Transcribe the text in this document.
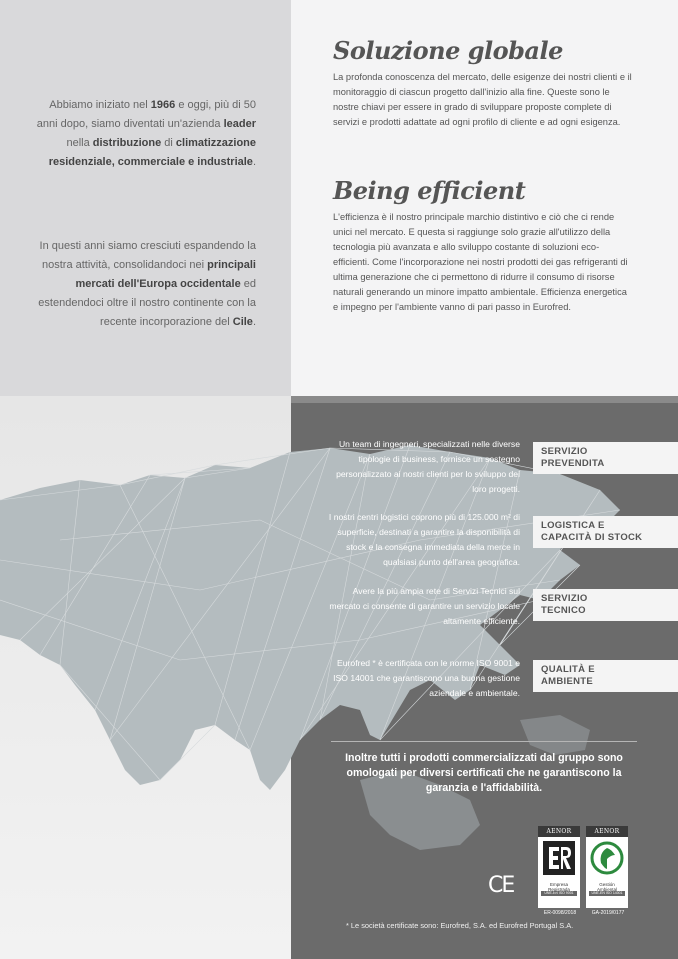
Abbiamo iniziato nel 1966 e oggi, più di 50 anni dopo, siamo diventati un'azienda leader nella distribuzione di climatizzazione residenziale, commerciale e industriale.

In questi anni siamo cresciuti espandendo la nostra attività, consolidandoci nei principali mercati dell'Europa occidentale ed estendendoci oltre il nostro continente con la recente incorporazione del Cile.

Soluzione globale

La profonda conoscenza del mercato, delle esigenze dei nostri clienti e il monitoraggio di ciascun progetto dall'inizio alla fine. Queste sono le nostre chiavi per essere in grado di sviluppare proposte complete di servizi e prodotti adattate ad ogni profilo di cliente e ad ogni esigenza.

Being efficient

L'efficienza è il nostro principale marchio distintivo e ciò che ci rende unici nel mercato. E questa si raggiunge solo grazie all'utilizzo della tecnologia più avanzata e allo sviluppo costante di soluzioni eco-efficienti. Come l'incorporazione nei nostri prodotti dei gas refrigeranti di ultima generazione che ci permettono di ridurre il consumo di risorse naturali generando un minore impatto ambientale. Efficienza energetica e impegno per l'ambiente vanno di pari passo in Eurofred.

Un team di ingegneri, specializzati nelle diverse tipologie di business, fornisce un sostegno personalizzato ai nostri clienti per lo sviluppo dei loro progetti.

SERVIZIO
PREVENDITA

I nostri centri logistici coprono più di 125.000 m² di superficie, destinati a garantire la disponibilità di stock e la consegna immediata della merce in qualsiasi punto dell'area geografica.

LOGISTICA E
CAPACITÀ DI STOCK

Avere la più ampia rete di Servizi Tecnici sul mercato ci consente di garantire un servizio locale altamente efficiente.

SERVIZIO
TECNICO

Eurofred * è certificata con le norme ISO 9001 e ISO 14001 che garantiscono una buona gestione aziendale e ambientale.

QUALITÀ E
AMBIENTE

Inoltre tutti i prodotti commercializzati dal gruppo sono omologati per diversi certificati che ne garantiscono la garanzia e l'affidabilità.

CE
AENOR
Empresa
Registrada
UNE-EN ISO 9001
ER-0098/2018
AENOR
Gestión
Ambiental
UNE-EN ISO 14001
GA-2019/0177

* Le società certificate sono: Eurofred, S.A. ed Eurofred Portugal S.A.
